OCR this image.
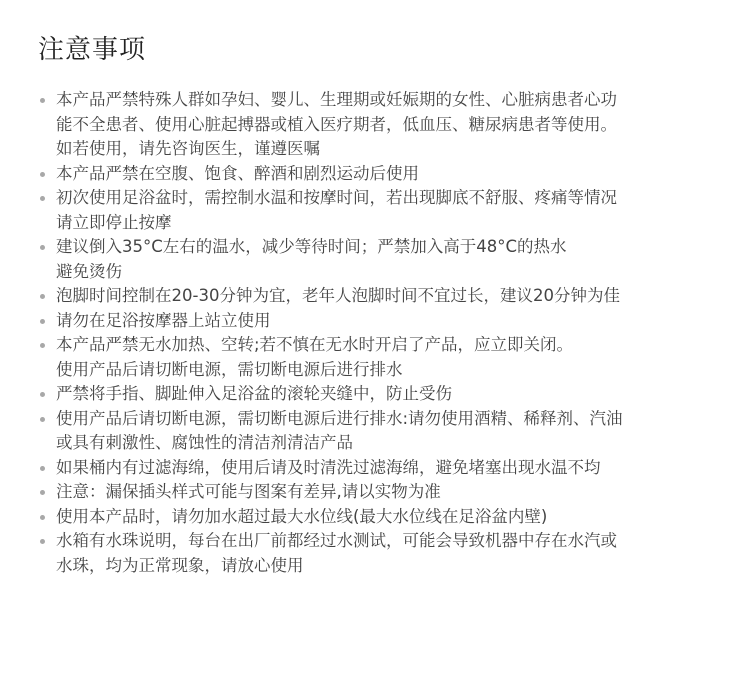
注意事项
本产品严禁特殊人群如孕妇、婴儿、生理期或妊娠期的女性、心脏病患者心功
能不全患者、使用心脏起搏器或植入医疗期者，低血压、糖尿病患者等使用。
如若使用，请先咨询医生，谨遵医嘱
本产品严禁在空腹、饱食、醉酒和剧烈运动后使用
初次使用足浴盆时，需控制水温和按摩时间，若出现脚底不舒服、疼痛等情况
请立即停止按摩
建议倒入35°C左右的温水，减少等待时间；严禁加入高于48°C的热水
避免烫伤
泡脚时间控制在20-30分钟为宜，老年人泡脚时间不宜过长，建议20分钟为佳
请勿在足浴按摩器上站立使用
本产品严禁无水加热、空转;若不慎在无水时开启了产品，应立即关闭。
使用产品后请切断电源，需切断电源后进行排水
严禁将手指、脚趾伸入足浴盆的滚轮夹缝中，防止受伤
使用产品后请切断电源，需切断电源后进行排水:请勿使用酒精、稀释剂、汽油
或具有刺激性、腐蚀性的清洁剂清洁产品
如果桶内有过滤海绵，使用后请及时清洗过滤海绵，避免堵塞出现水温不均
注意：漏保插头样式可能与图案有差异,请以实物为准
使用本产品时，请勿加水超过最大水位线(最大水位线在足浴盆内壁)
水箱有水珠说明，每台在出厂前都经过水测试，可能会导致机器中存在水汽或
水珠，均为正常现象，请放心使用
